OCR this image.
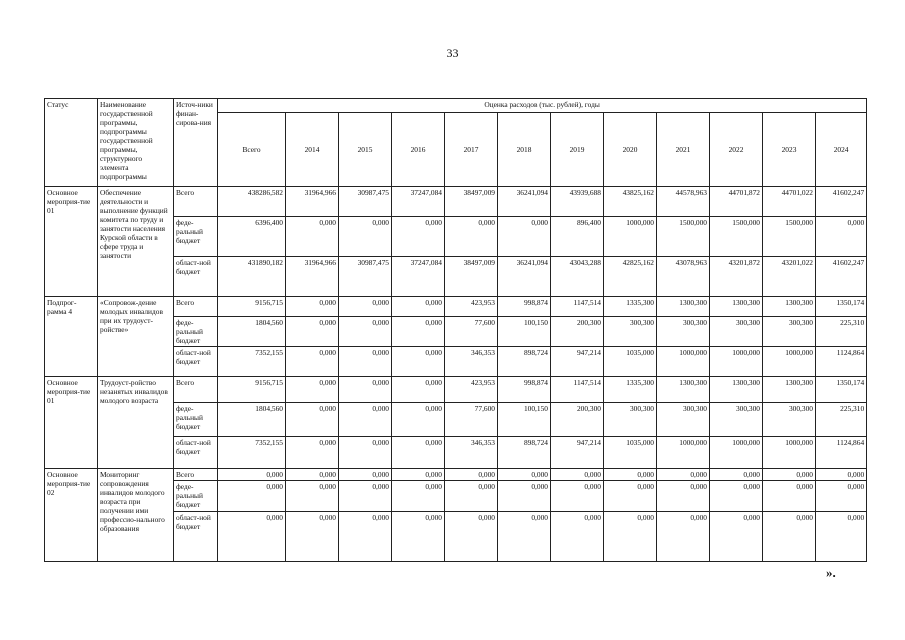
33
Статус	Наименование государственной программы, подпрограммы государственной программы, структурного элемента подпрограммы	Источ-ники финан-сирова-ния	Оценка расходов (тыс. рублей), годы											
			Всего	2014	2015	2016	2017	2018	2019	2020	2021	2022	2023	2024
Основное мероприя-тие 01	Обеспечение деятельности и выполнение функций комитета по труду и занятости населения Курской области в сфере труда и занятости	Всего	438286,582	31964,966	30987,475	37247,084	38497,009	36241,094	43939,688	43825,162	44578,963	44701,872	44701,022	41602,247
		феде-ральный бюджет	6396,400	0,000	0,000	0,000	0,000	0,000	896,400	1000,000	1500,000	1500,000	1500,000	0,000
		област-ной бюджет	431890,182	31964,966	30987,475	37247,084	38497,009	36241,094	43043,288	42825,162	43078,963	43201,872	43201,022	41602,247
Подпрог-рамма 4	«Сопровож-дение молодых инвалидов при их трудоуст-ройстве»	Всего	9156,715	0,000	0,000	0,000	423,953	998,874	1147,514	1335,300	1300,300	1300,300	1300,300	1350,174
		феде-ральный бюджет	1804,560	0,000	0,000	0,000	77,600	100,150	200,300	300,300	300,300	300,300	300,300	225,310
		област-ной бюджет	7352,155	0,000	0,000	0,000	346,353	898,724	947,214	1035,000	1000,000	1000,000	1000,000	1124,864
Основное мероприя-тие 01	Трудоуст-ройство незанятых инвалидов молодого возраста	Всего	9156,715	0,000	0,000	0,000	423,953	998,874	1147,514	1335,300	1300,300	1300,300	1300,300	1350,174
		феде-ральный бюджет	1804,560	0,000	0,000	0,000	77,600	100,150	200,300	300,300	300,300	300,300	300,300	225,310
		област-ной бюджет	7352,155	0,000	0,000	0,000	346,353	898,724	947,214	1035,000	1000,000	1000,000	1000,000	1124,864
Основное мероприя-тие 02	Мониторинг сопровождения инвалидов молодого возраста при получении ими профессио-нального образования	Всего	0,000	0,000	0,000	0,000	0,000	0,000	0,000	0,000	0,000	0,000	0,000	0,000
		феде-ральный бюджет	0,000	0,000	0,000	0,000	0,000	0,000	0,000	0,000	0,000	0,000	0,000	0,000
		област-ной бюджет	0,000	0,000	0,000	0,000	0,000	0,000	0,000	0,000	0,000	0,000	0,000	0,000
».
